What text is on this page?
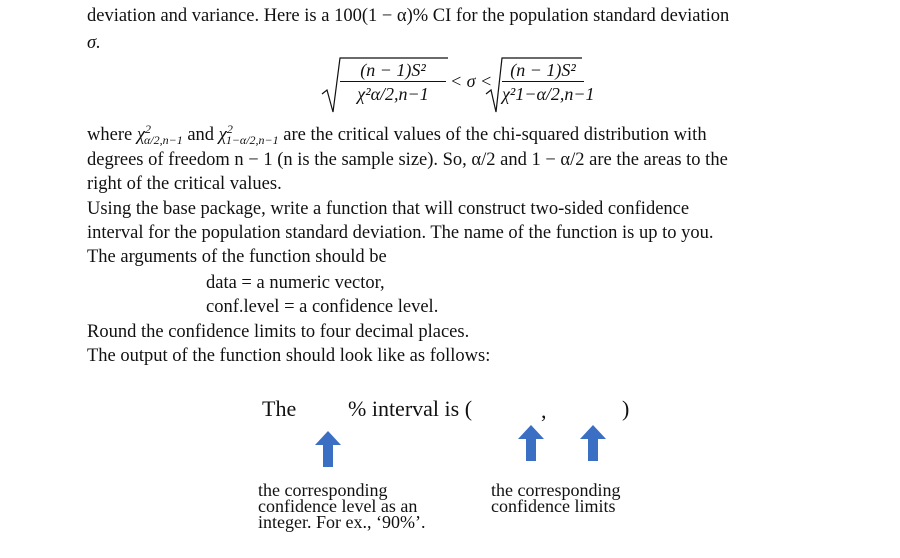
deviation and variance. Here is a 100(1 − α)% CI for the population standard deviation
σ.
$\frac{\text{(n − 1)S²}}{\text{χ²α/2,n−1}} < \sigma < \frac{\text{(n − 1)S²}}{\text{χ²1−α/2,n−1}}$
where $\chi^2_{\alpha/2,n-1}$ and $\chi^2_{1-\alpha/2,n-1}$ are the critical values of the chi-squared distribution with
degrees of freedom n − 1 (n is the sample size). So, α/2 and 1 − α/2 are the areas to the
right of the critical values.
Using the base package, write a function that will construct two-sided confidence
interval for the population standard deviation. The name of the function is up to you.
The arguments of the function should be
data = a numeric vector,
conf.level = a confidence level.
Round the confidence limits to four decimal places.
The output of the function should look like as follows:
The % interval is (	,	)
the corresponding
confidence level as an
integer. For ex., ‘90%’.
the corresponding
confidence limits
